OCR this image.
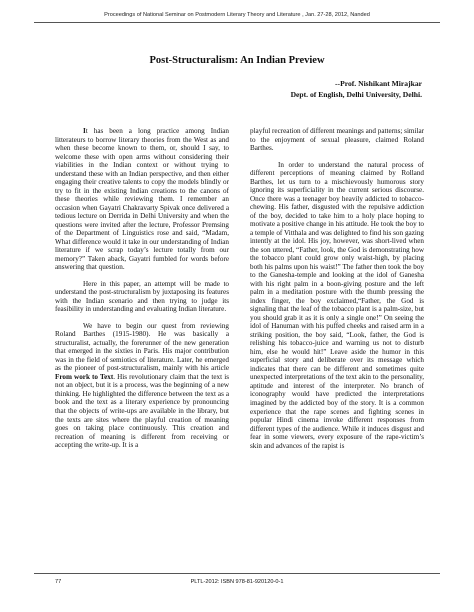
Proceedings of National Seminar on Postmodern Literary Theory and Literature , Jan. 27-28, 2012, Nanded
Post-Structuralism: An Indian Preview
--Prof. Nishikant Mirajkar
Dept. of English, Delhi University, Delhi.

It has been a long practice among Indian litterateurs to borrow literary theories from the West as and when these become known to them, or, should I say, to welcome these with open arms without considering their viabilities in the Indian context or without trying to understand these with an Indian perspective, and then either engaging their creative talents to copy the models blindly or try to fit in the existing Indian creations to the canons of these theories while reviewing them. I remember an occasion when Gayatri Chakravarty Spivak once delivered a tedious lecture on Derrida in Delhi University and when the questions were invited after the lecture, Professor Premsing of the Department of Linguistics rose and said, “Madam, What difference would it take in our understanding of Indian literature if we scrap today’s lecture totally from our memory?” Taken aback, Gayatri fumbled for words before answering that question.

Here in this paper, an attempt will be made to understand the post-structuralism by juxtaposing its features with the Indian scenario and then trying to judge its feasibility in understanding and evaluating Indian literature.

We have to begin our quest from reviewing Roland Barthes (1915-1980). He was basically a structuralist, actually, the forerunner of the new generation that emerged in the sixties in Paris. His major contribution was in the field of semiotics of literature. Later, he emerged as the pioneer of post-structuralism, mainly with his article From work to Text. His revolutionary claim that the text is not an object, but it is a process, was the beginning of a new thinking. He highlighted the difference between the text as a book and the text as a literary experience by pronouncing that the objects of write-ups are available in the library, but the texts are sites where the playful creation of meaning goes on taking place continuously. This creation and recreation of meaning is different from receiving or accepting the write-up. It is a

playful recreation of different meanings and patterns; similar to the enjoyment of sexual pleasure, claimed Roland Barthes.

In order to understand the natural process of different perceptions of meaning claimed by Rolland Barthes, let us turn to a mischievously humorous story ignoring its superficiality in the current serious discourse. Once there was a teenager boy heavily addicted to tobacco-chewing. His father, disgusted with the repulsive addiction of the boy, decided to take him to a holy place hoping to motivate a positive change in his attitude. He took the boy to a temple of Vitthala and was delighted to find his son gazing intently at the idol. His joy, however, was short-lived when the son uttered, “Father, look, the God is demonstrating how the tobacco plant could grow only waist-high, by placing both his palms upon his waist!” The father then took the boy to the Ganesha-temple and looking at the idol of Ganesha with his right palm in a boon-giving posture and the left palm in a meditation posture with the thumb pressing the index finger, the boy exclaimed,“Father, the God is signaling that the leaf of the tobacco plant is a palm-size, but you should grab it as it is only a single one!” On seeing the idol of Hanuman with his puffed cheeks and raised arm in a striking position, the boy said, “Look, father, the God is relishing his tobacco-juice and warning us not to disturb him, else he would hit!” Leave aside the humor in this superficial story and deliberate over its message which indicates that there can be different and sometimes quite unexpected interpretations of the text akin to the personality, aptitude and interest of the interpreter. No branch of iconography would have predicted the interpretations imagined by the addicted boy of the story. It is a common experience that the rape scenes and fighting scenes in popular Hindi cinema invoke different responses from different types of the audience. While it induces disgust and fear in some viewers, every exposure of the rape-victim’s skin and advances of the rapist is

77	PLTL-2012: ISBN 978-81-920120-0-1
